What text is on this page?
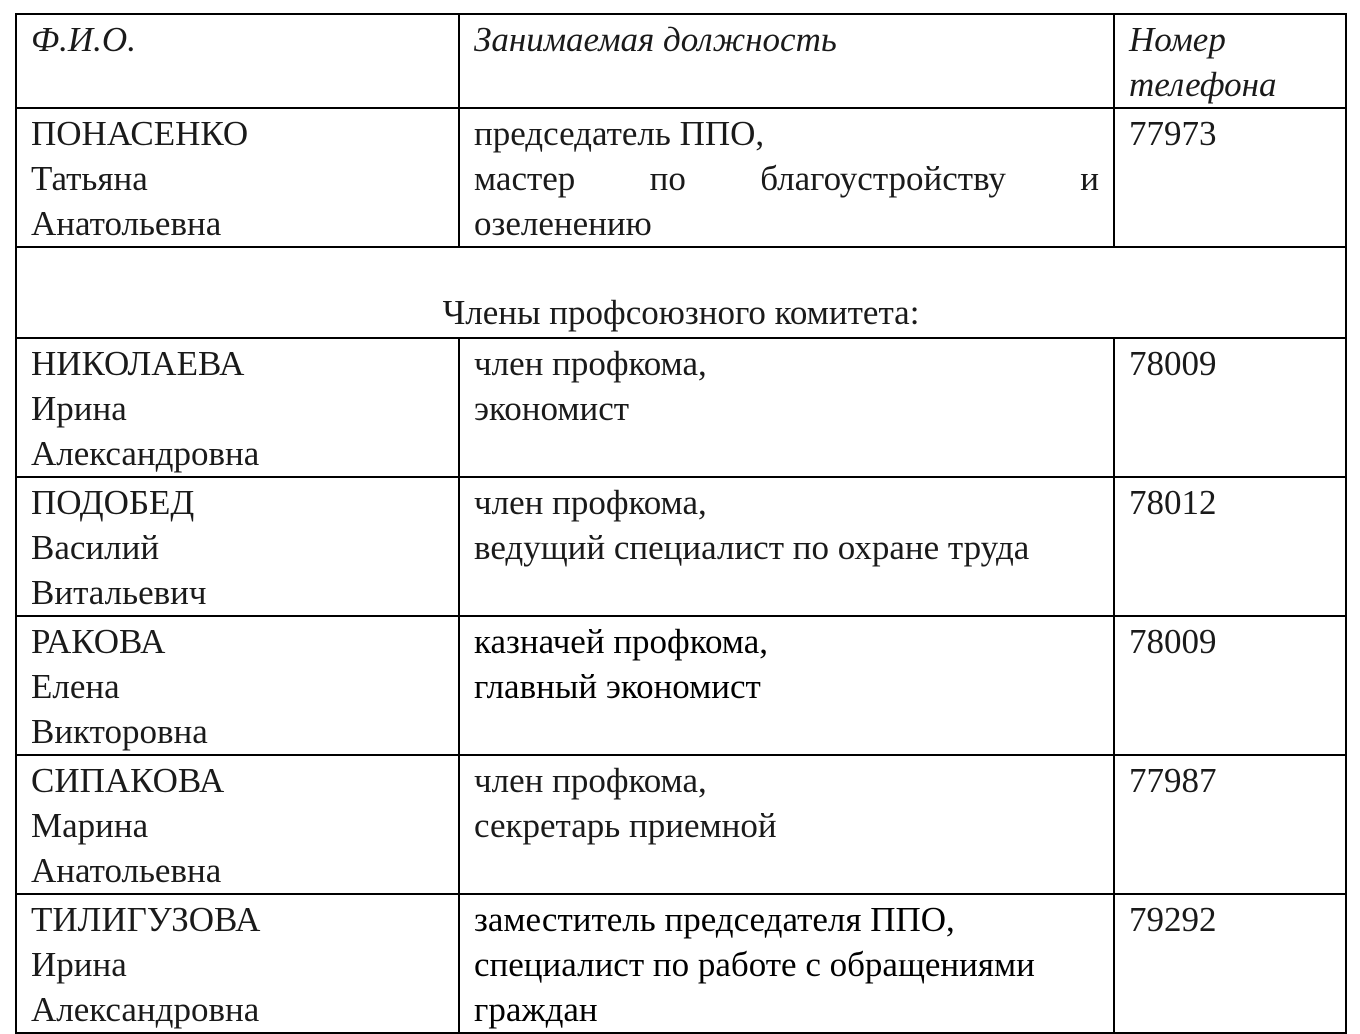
Ф.И.О.	Занимаемая должность	Номер
телефона

ПОНАСЕНКО
Татьяна
Анатольевна	председатель ППО,
мастер по благоустройству и
озеленению	77973
Члены профсоюзного комитета:		

НИКОЛАЕВА
Ирина
Александровна	член профкома,
экономист	78009

ПОДОБЕД
Василий
Витальевич	член профкома,
ведущий специалист по охране труда	78012

РАКОВА
Елена
Викторовна	казначей профкома,
главный экономист	78009

СИПАКОВА
Марина
Анатольевна	член профкома,
секретарь приемной	77987

ТИЛИГУЗОВА
Ирина
Александровна	заместитель председателя ППО,
специалист по работе с обращениями
граждан	79292
